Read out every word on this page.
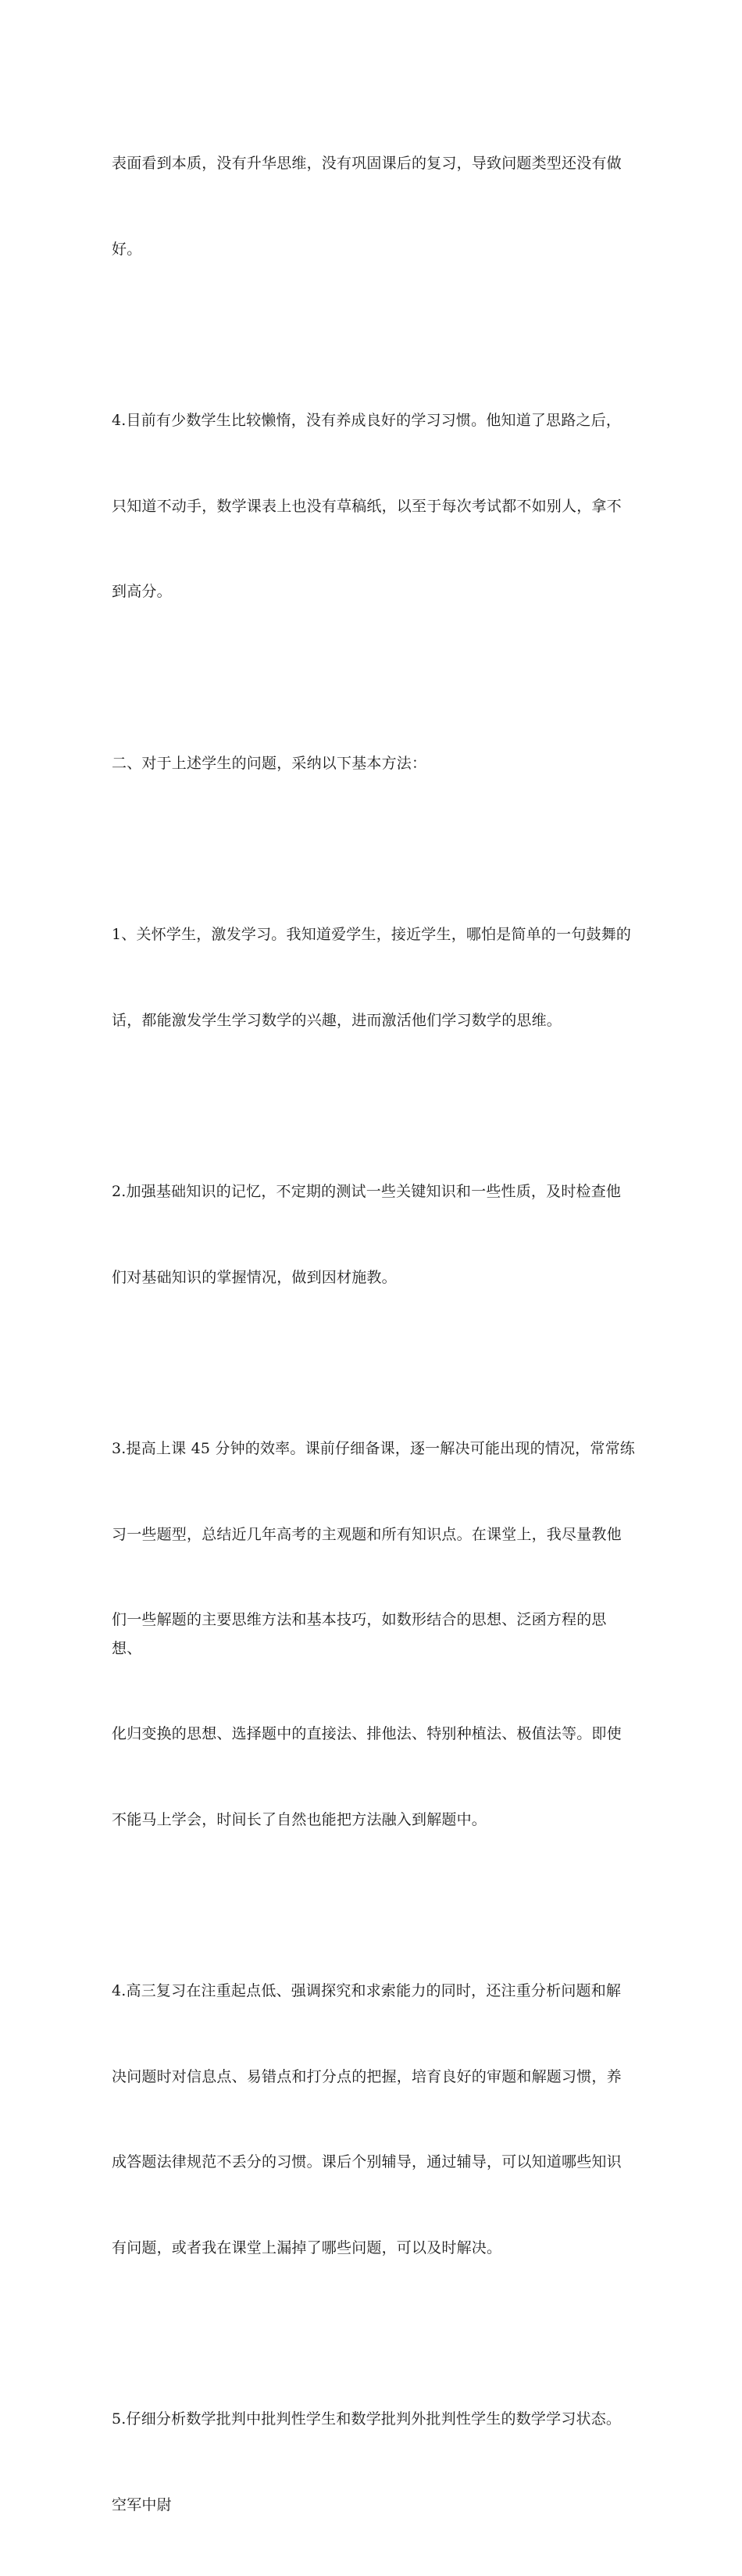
表面看到本质，没有升华思维，没有巩固课后的复习，导致问题类型还没有做

好。

4.目前有少数学生比较懒惰，没有养成良好的学习习惯。他知道了思路之后，

只知道不动手，数学课表上也没有草稿纸，以至于每次考试都不如别人，拿不

到高分。

二、对于上述学生的问题，采纳以下基本方法：

1、关怀学生，激发学习。我知道爱学生，接近学生，哪怕是简单的一句鼓舞的

话，都能激发学生学习数学的兴趣，进而激活他们学习数学的思维。

2.加强基础知识的记忆，不定期的测试一些关键知识和一些性质，及时检查他

们对基础知识的掌握情况，做到因材施教。

3.提高上课 45 分钟的效率。课前仔细备课，逐一解决可能出现的情况，常常练

习一些题型，总结近几年高考的主观题和所有知识点。在课堂上，我尽量教他

们一些解题的主要思维方法和基本技巧，如数形结合的思想、泛函方程的思想、

化归变换的思想、选择题中的直接法、排他法、特别种植法、极值法等。即使

不能马上学会，时间长了自然也能把方法融入到解题中。

4.高三复习在注重起点低、强调探究和求索能力的同时，还注重分析问题和解

决问题时对信息点、易错点和打分点的把握，培育良好的审题和解题习惯，养

成答题法律规范不丢分的习惯。课后个别辅导，通过辅导，可以知道哪些知识

有问题，或者我在课堂上漏掉了哪些问题，可以及时解决。

5.仔细分析数学批判中批判性学生和数学批判外批判性学生的数学学习状态。

空军中尉
